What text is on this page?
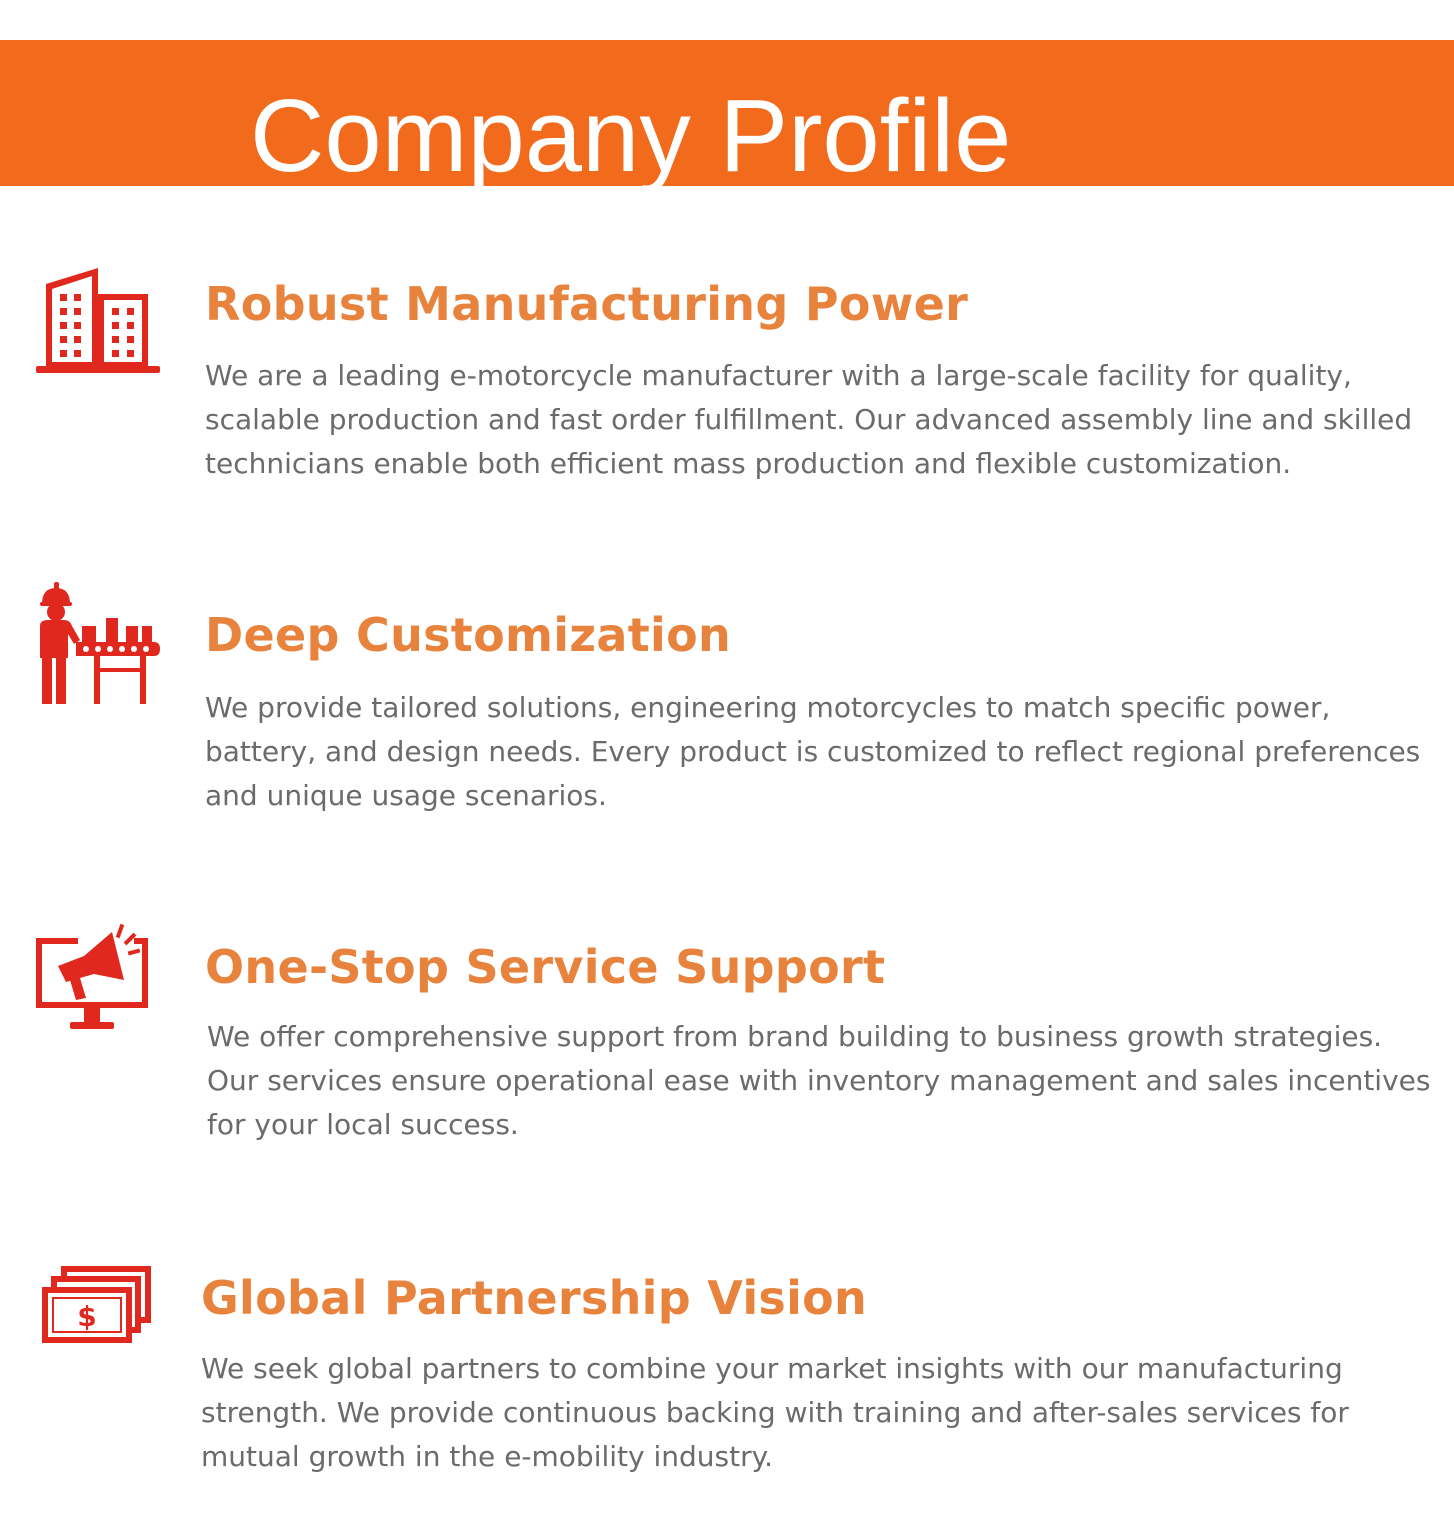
Company Profile
Robust Manufacturing Power

We are a leading e-motorcycle manufacturer with a large-scale facility for quality, scalable production and fast order fulfillment. Our advanced assembly line and skilled technicians enable both efficient mass production and flexible customization.

Deep Customization

We provide tailored solutions, engineering motorcycles to match specific power, battery, and design needs. Every product is customized to reflect regional preferences and unique usage scenarios.

One-Stop Service Support

We offer comprehensive support from brand building to business growth strategies. Our services ensure operational ease with inventory management and sales incentives for your local success.

$ Global Partnership Vision

We seek global partners to combine your market insights with our manufacturing strength. We provide continuous backing with training and after-sales services for mutual growth in the e-mobility industry.
